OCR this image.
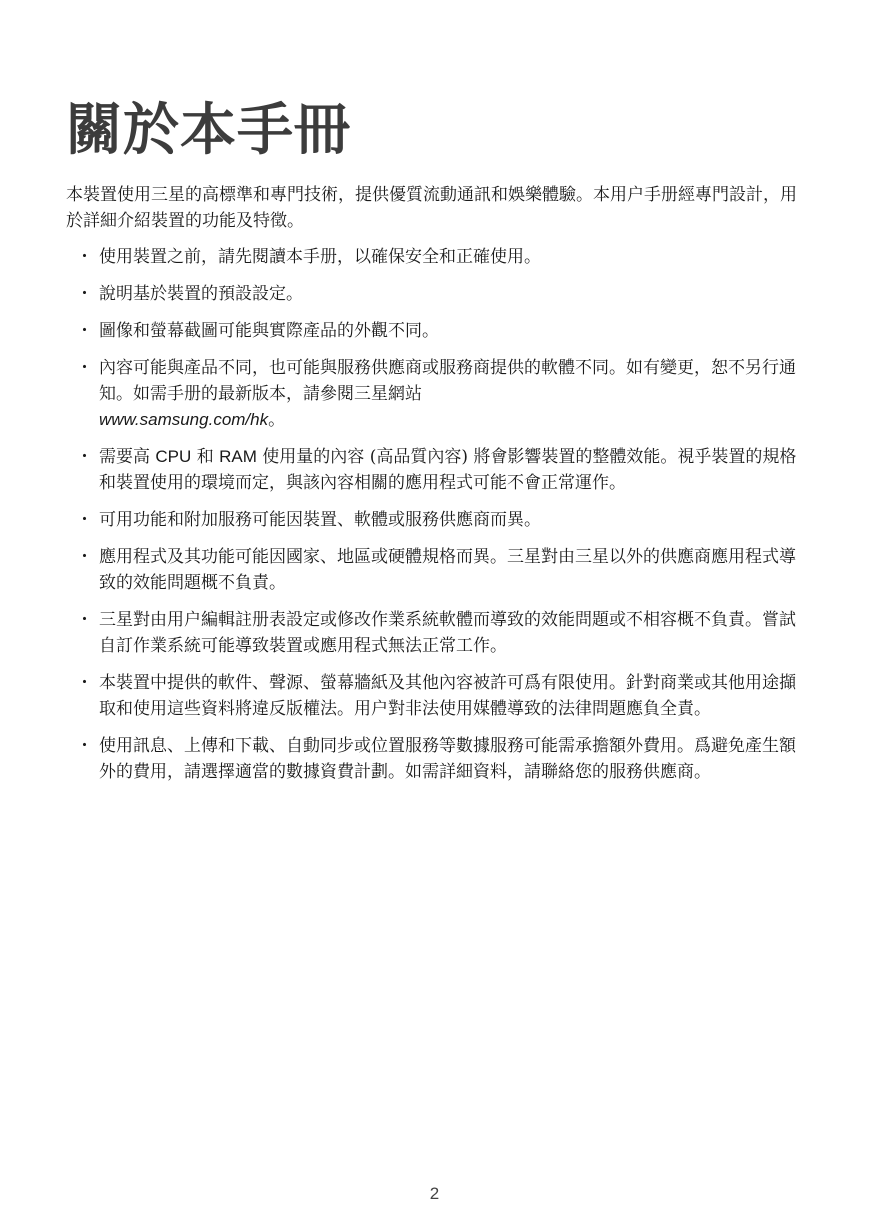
關於本手冊

本裝置使用三星的高標準和專門技術，提供優質流動通訊和娛樂體驗。本用户手册經專門設計，用於詳細介紹裝置的功能及特徵。

・ 使用裝置之前，請先閱讀本手册，以確保安全和正確使用。
・ 說明基於裝置的預設設定。
・ 圖像和螢幕截圖可能與實際產品的外觀不同。
・ 內容可能與產品不同，也可能與服務供應商或服務商提供的軟體不同。如有變更，恕不另行通知。如需手册的最新版本，請參閱三星網站
www.samsung.com/hk。
・ 需要高 CPU 和 RAM 使用量的內容 (高品質內容) 將會影響裝置的整體效能。視乎裝置的規格和裝置使用的環境而定，與該內容相關的應用程式可能不會正常運作。
・ 可用功能和附加服務可能因裝置、軟體或服務供應商而異。
・ 應用程式及其功能可能因國家、地區或硬體規格而異。三星對由三星以外的供應商應用程式導致的效能問題概不負責。
・ 三星對由用户編輯註册表設定或修改作業系統軟體而導致的效能問題或不相容概不負責。嘗試自訂作業系統可能導致裝置或應用程式無法正常工作。
・ 本裝置中提供的軟件、聲源、螢幕牆紙及其他內容被許可爲有限使用。針對商業或其他用途擷取和使用這些資料將違反版權法。用户對非法使用媒體導致的法律問題應負全責。
・ 使用訊息、上傳和下載、自動同步或位置服務等數據服務可能需承擔額外費用。爲避免產生額外的費用，請選擇適當的數據資費計劃。如需詳細資料，請聯絡您的服務供應商。
2
